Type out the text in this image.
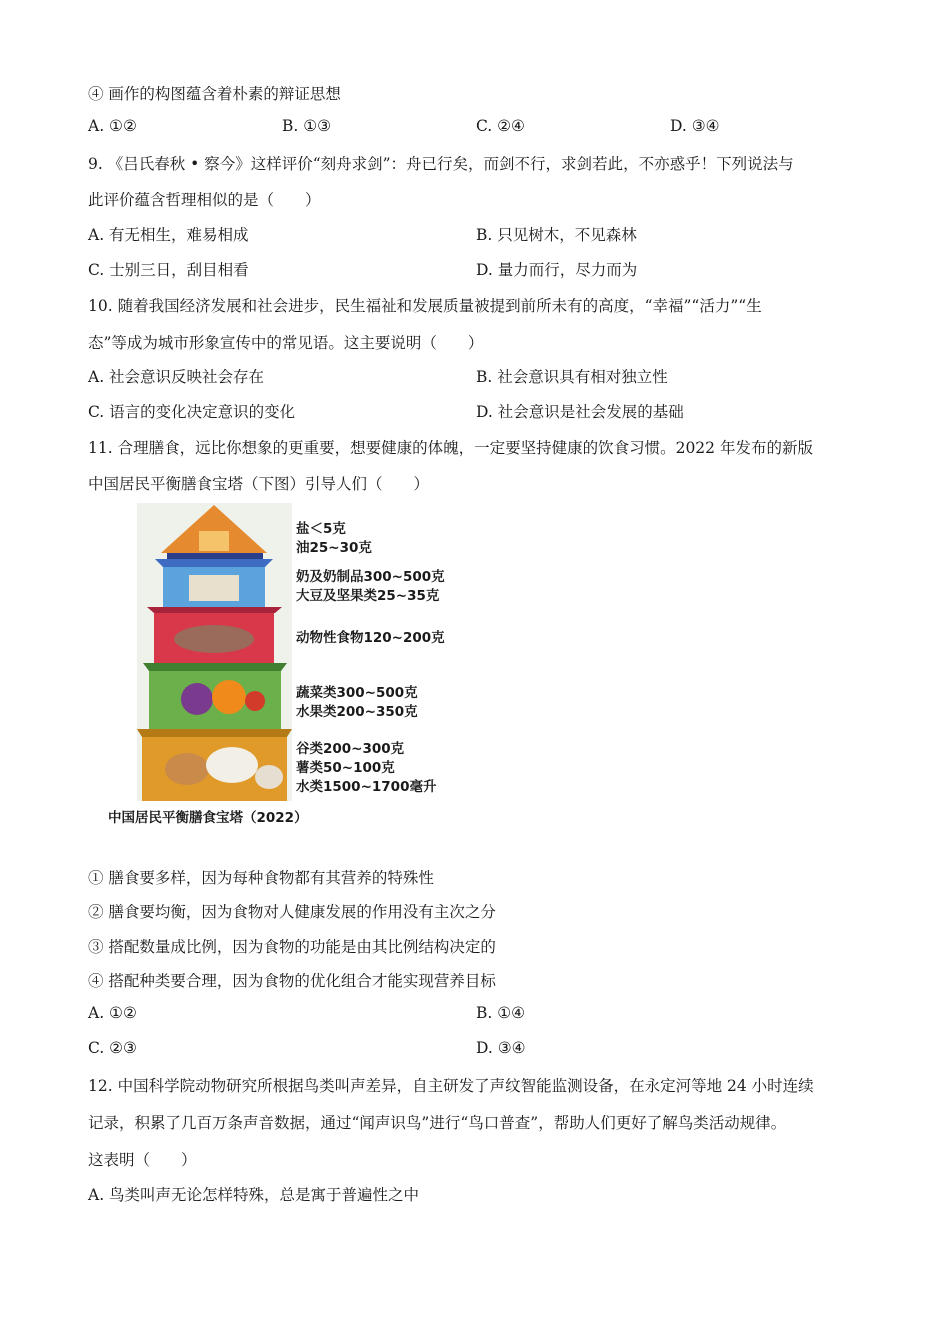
④ 画作的构图蕴含着朴素的辩证思想
A. ①②	B. ①③	C. ②④	D. ③④
9. 《吕氏春秋 • 察今》这样评价“刻舟求剑”：舟已行矣，而剑不行，求剑若此，不亦惑乎！下列说法与
此评价蕴含哲理相似的是（　　）
A. 有无相生，难易相成	B. 只见树木，不见森林
C. 士别三日，刮目相看	D. 量力而行，尽力而为
10. 随着我国经济发展和社会进步，民生福祉和发展质量被提到前所未有的高度，“幸福”“活力”“生
态”等成为城市形象宣传中的常见语。这主要说明（　　）
A. 社会意识反映社会存在	B. 社会意识具有相对独立性
C. 语言的变化决定意识的变化	D. 社会意识是社会发展的基础
11. 合理膳食，远比你想象的更重要，想要健康的体魄，一定要坚持健康的饮食习惯。2022 年发布的新版
中国居民平衡膳食宝塔（下图）引导人们（　　）
盐＜5克
油25~30克
奶及奶制品300~500克
大豆及坚果类25~35克
动物性食物120~200克
蔬菜类300~500克
水果类200~350克
谷类200~300克
薯类50~100克
水类1500~1700毫升
中国居民平衡膳食宝塔（2022）
① 膳食要多样，因为每种食物都有其营养的特殊性
② 膳食要均衡，因为食物对人健康发展的作用没有主次之分
③ 搭配数量成比例，因为食物的功能是由其比例结构决定的
④ 搭配种类要合理，因为食物的优化组合才能实现营养目标
A. ①②	B. ①④
C. ②③	D. ③④
12. 中国科学院动物研究所根据鸟类叫声差异，自主研发了声纹智能监测设备，在永定河等地 24 小时连续
记录，积累了几百万条声音数据，通过“闻声识鸟”进行“鸟口普查”，帮助人们更好了解鸟类活动规律。
这表明（　　）
A. 鸟类叫声无论怎样特殊，总是寓于普遍性之中
